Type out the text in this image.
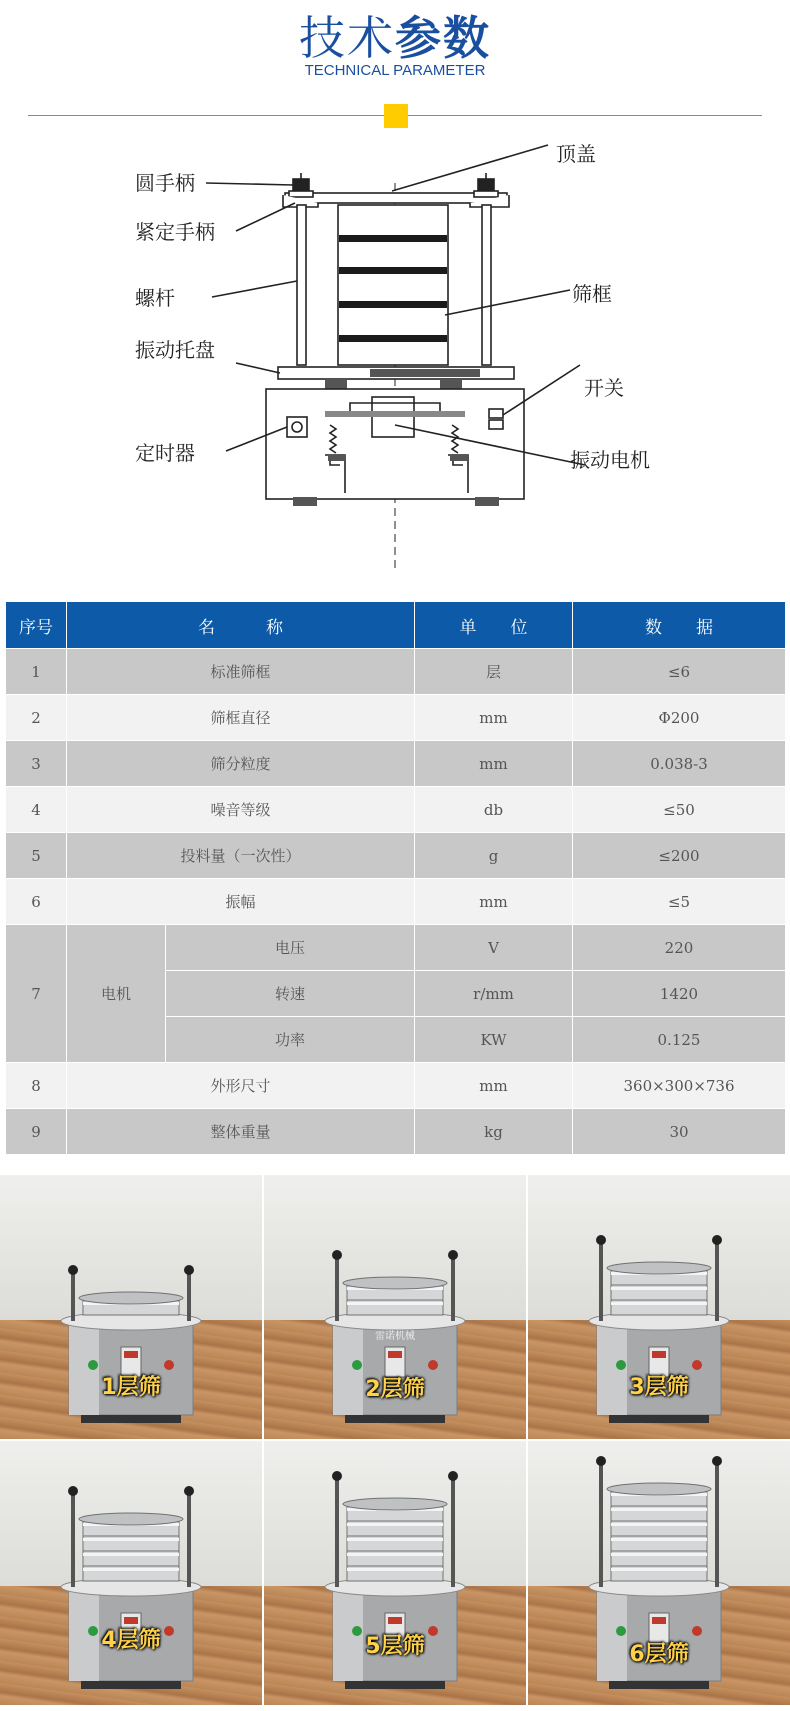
技术参数
TECHNICAL PARAMETER
圆手柄
紧定手柄
螺杆
振动托盘
定时器
顶盖
筛框
开关
振动电机
序号	名　　　称		单　　位	数　　据
1	标准筛框		层	≤6
2	筛框直径		mm	Φ200
3	筛分粒度		mm	0.038-3
4	噪音等级		db	≤50
5	投料量（一次性）		g	≤200
6	振幅		mm	≤5
7	电机	电压	V	220
		转速	r/mm	1420
		功率	KW	0.125
8	外形尺寸		mm	360×300×736
9	整体重量		kg	30
1层筛
雷诺机械
2层筛	3层筛
4层筛	5层筛	6层筛
